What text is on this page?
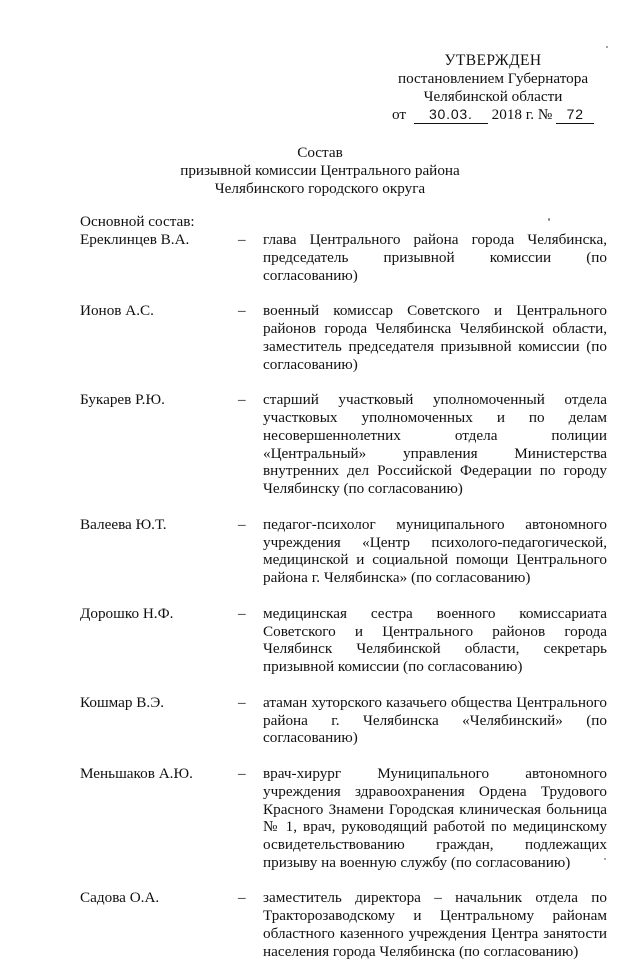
УТВЕРЖДЕН
постановлением Губернатора
Челябинской области
от 30.03. 2018 г. № 72
Состав
призывной комиссии Центрального района
Челябинского городского округа
Основной состав:
Ереклинцев В.А.	–	глава Центрального района города Челябинска, председатель призывной комиссии (по согласованию)
Ионов А.С.	–	военный комиссар Советского и Центрального районов города Челябинска Челябинской области, заместитель председателя призывной комиссии (по согласованию)
Букарев Р.Ю.	–	старший участковый уполномоченный отдела участковых уполномоченных и по делам несовершеннолетних отдела полиции «Центральный» управления Министерства внутренних дел Российской Федерации по городу Челябинску (по согласованию)
Валеева Ю.Т.	–	педагог-психолог муниципального автономного учреждения «Центр психолого-педагогической, медицинской и социальной помощи Центрального района г. Челябинска» (по согласованию)
Дорошко Н.Ф.	–	медицинская сестра военного комиссариата Советского и Центрального районов города Челябинск Челябинской области, секретарь призывной комиссии (по согласованию)
Кошмар В.Э.	–	атаман хуторского казачьего общества Центрального района г. Челябинска «Челябинский» (по согласованию)
Меньшаков А.Ю.	–	врач-хирург Муниципального автономного учреждения здравоохранения Ордена Трудового Красного Знамени Городская клиническая больница № 1, врач, руководящий работой по медицинскому освидетельствованию граждан, подлежащих призыву на военную службу (по согласованию)
Садова О.А.	–	заместитель директора – начальник отдела по Тракторозаводскому и Центральному районам областного казенного учреждения Центра занятости населения города Челябинска (по согласованию)
